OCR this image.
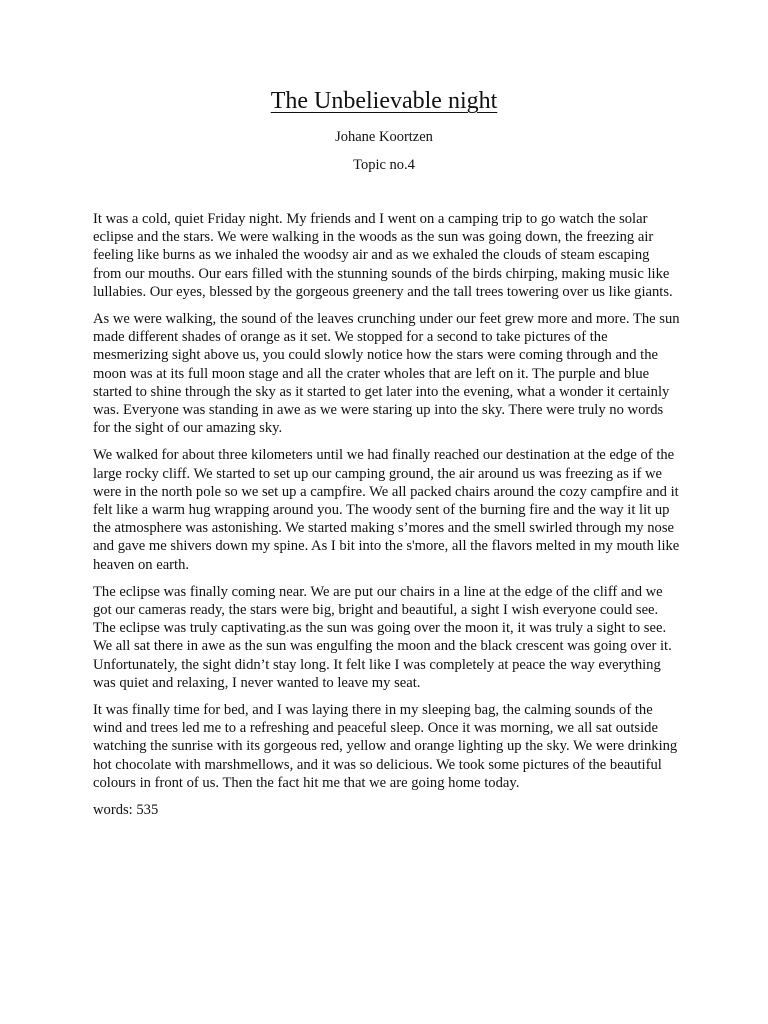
The Unbelievable night
Johane Koortzen
Topic no.4

It was a cold, quiet Friday night. My friends and I went on a camping trip to go watch the solar eclipse and the stars. We were walking in the woods as the sun was going down, the freezing air feeling like burns as we inhaled the woodsy air and as we exhaled the clouds of steam escaping from our mouths. Our ears filled with the stunning sounds of the birds chirping, making music like lullabies. Our eyes, blessed by the gorgeous greenery and the tall trees towering over us like giants.

As we were walking, the sound of the leaves crunching under our feet grew more and more. The sun made different shades of orange as it set. We stopped for a second to take pictures of the mesmerizing sight above us, you could slowly notice how the stars were coming through and the moon was at its full moon stage and all the crater wholes that are left on it. The purple and blue started to shine through the sky as it started to get later into the evening, what a wonder it certainly was. Everyone was standing in awe as we were staring up into the sky. There were truly no words for the sight of our amazing sky.

We walked for about three kilometers until we had finally reached our destination at the edge of the large rocky cliff. We started to set up our camping ground, the air around us was freezing as if we were in the north pole so we set up a campfire. We all packed chairs around the cozy campfire and it felt like a warm hug wrapping around you. The woody sent of the burning fire and the way it lit up the atmosphere was astonishing. We started making s’mores and the smell swirled through my nose and gave me shivers down my spine. As I bit into the s'more, all the flavors melted in my mouth like heaven on earth.

The eclipse was finally coming near. We are put our chairs in a line at the edge of the cliff and we got our cameras ready, the stars were big, bright and beautiful, a sight I wish everyone could see. The eclipse was truly captivating.as the sun was going over the moon it, it was truly a sight to see. We all sat there in awe as the sun was engulfing the moon and the black crescent was going over it. Unfortunately, the sight didn’t stay long. It felt like I was completely at peace the way everything was quiet and relaxing, I never wanted to leave my seat.

It was finally time for bed, and I was laying there in my sleeping bag, the calming sounds of the wind and trees led me to a refreshing and peaceful sleep. Once it was morning, we all sat outside watching the sunrise with its gorgeous red, yellow and orange lighting up the sky. We were drinking hot chocolate with marshmellows, and it was so delicious. We took some pictures of the beautiful colours in front of us. Then the fact hit me that we are going home today.

words: 535
